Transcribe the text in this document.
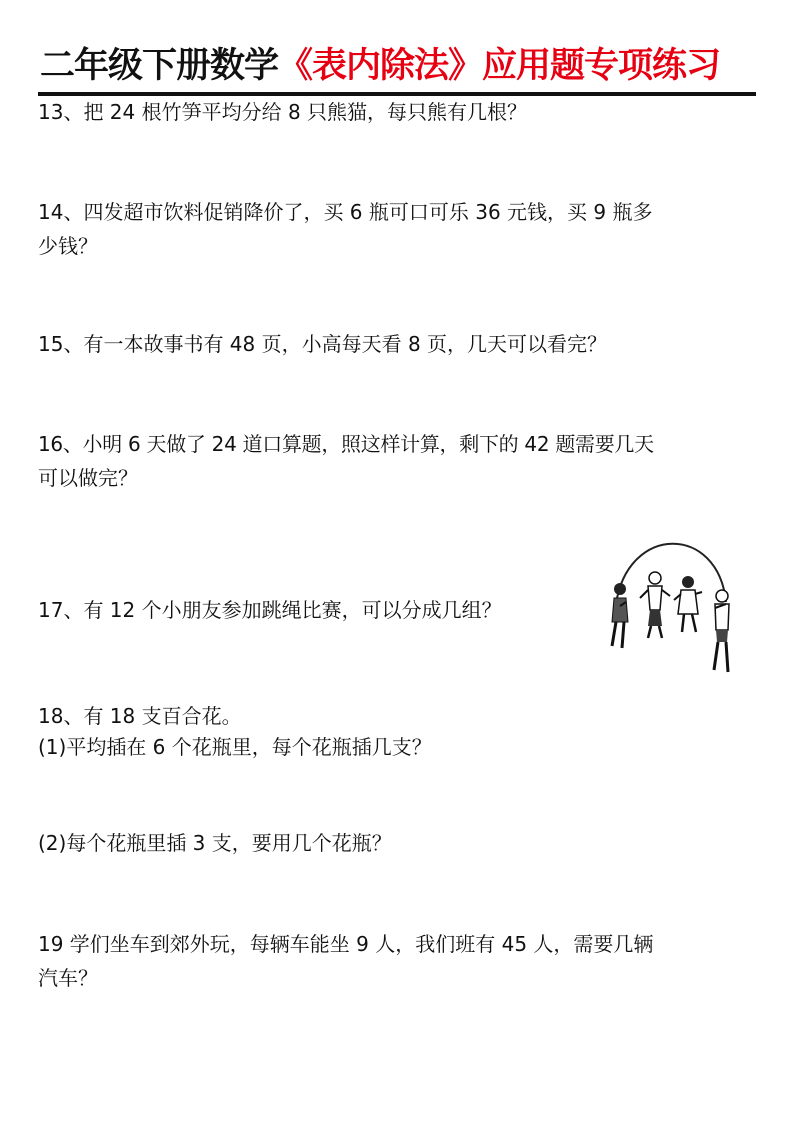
二年级下册数学《表内除法》应用题专项练习
13、把 24 根竹笋平均分给 8 只熊猫，每只熊有几根？
14、四发超市饮料促销降价了，买 6 瓶可口可乐 36 元钱，买 9 瓶多
少钱？
15、有一本故事书有 48 页，小高每天看 8 页，几天可以看完？
16、小明 6 天做了 24 道口算题，照这样计算，剩下的 42 题需要几天
可以做完？
17、有 12 个小朋友参加跳绳比赛，可以分成几组？
18、有 18 支百合花。
(1)平均插在 6 个花瓶里，每个花瓶插几支？
(2)每个花瓶里插 3 支，要用几个花瓶？
19 学们坐车到郊外玩，每辆车能坐 9 人，我们班有 45 人，需要几辆
汽车？
